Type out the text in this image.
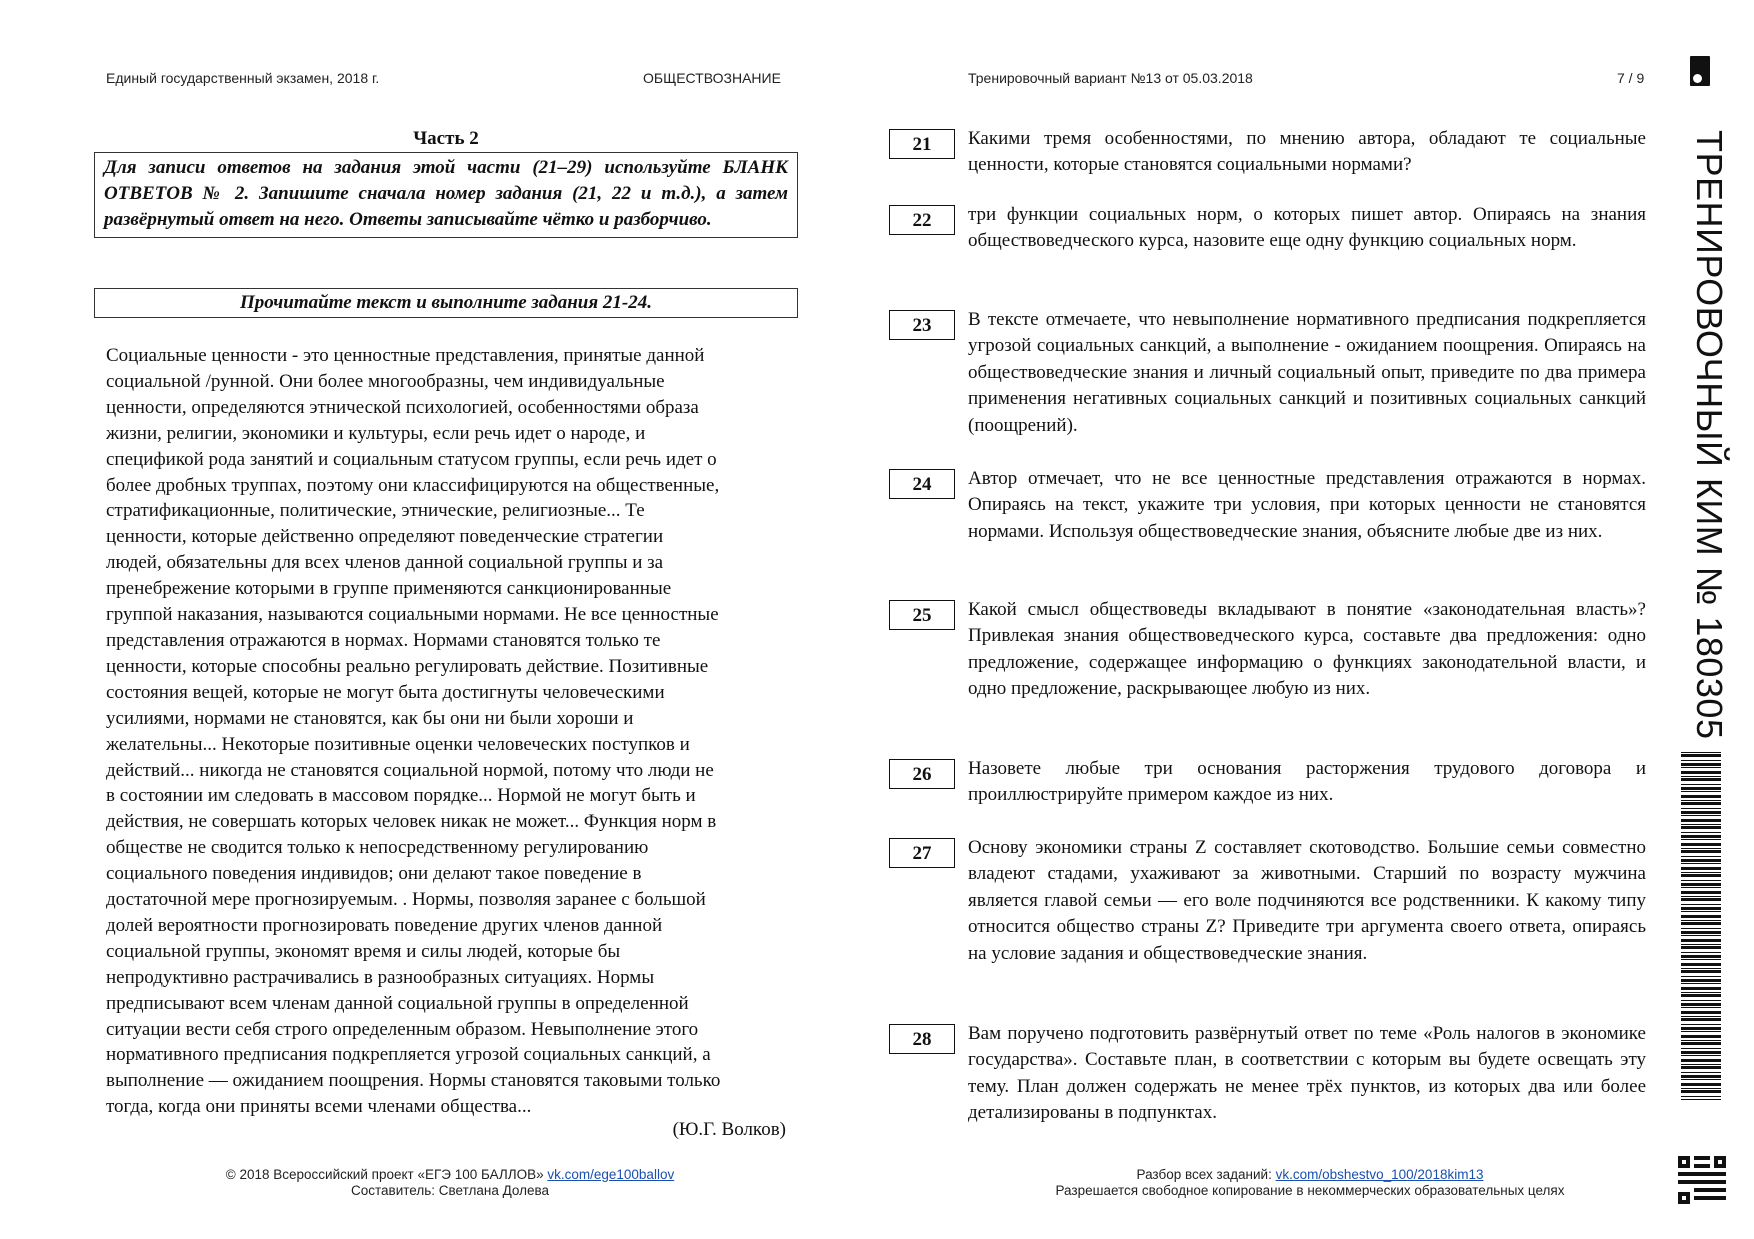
Единый государственный экзамен, 2018 г.	ОБЩЕСТВОЗНАНИЕ	Тренировочный вариант №13 от 05.03.2018	7 / 9
Часть 2
Для записи ответов на задания этой части (21–29) используйте БЛАНК ОТВЕТОВ № 2. Запишите сначала номер задания (21, 22 и т.д.), а затем развёрнутый ответ на него. Ответы записывайте чётко и разборчиво.
Прочитайте текст и выполните задания 21-24.
Социальные ценности - это ценностные представления, принятые данной
социальной /рунной. Они более многообразны, чем индивидуальные
ценности, определяются этнической психологией, особенностями образа
жизни, религии, экономики и культуры, если речь идет о народе, и
спецификой рода занятий и социальным статусом группы, если речь идет о
более дробных труппах, поэтому они классифицируются на общественные,
стратификационные, политические, этнические, религиозные... Те
ценности, которые действенно определяют поведенческие стратегии
людей, обязательны для всех членов данной социальной группы и за
пренебрежение которыми в группе применяются санкционированные
группой наказания, называются социальными нормами. Не все ценностные
представления отражаются в нормах. Нормами становятся только те
ценности, которые способны реально регулировать действие. Позитивные
состояния вещей, которые не могут быта достигнуты человеческими
усилиями, нормами не становятся, как бы они ни были хороши и
желательны... Некоторые позитивные оценки человеческих поступков и
действий... никогда не становятся социальной нормой, потому что люди не
в состоянии им следовать в массовом порядке... Нормой не могут быть и
действия, не совершать которых человек никак не может... Функция норм в
обществе не сводится только к непосредственному регулированию
социального поведения индивидов; они делают такое поведение в
достаточной мере прогнозируемым. . Нормы, позволяя заранее с большой
долей вероятности прогнозировать поведение других членов данной
социальной группы, экономят время и силы людей, которые бы
непродуктивно растрачивались в разнообразных ситуациях. Нормы
предписывают всем членам данной социальной группы в определенной
ситуации вести себя строго определенным образом. Невыполнение этого
нормативного предписания подкрепляется угрозой социальных санкций, а
выполнение — ожиданием поощрения. Нормы становятся таковыми только
тогда, когда они приняты всеми членами общества...
(Ю.Г. Волков)
21	Какими тремя особенностями, по мнению автора, обладают те социальные ценности, которые становятся социальными нормами?
22	три функции социальных норм, о которых пишет автор. Опираясь на знания обществоведческого курса, назовите еще одну функцию социальных норм.
23	В тексте отмечаете, что невыполнение нормативного предписания подкрепляется угрозой социальных санкций, а выполнение - ожиданием поощрения. Опираясь на обществоведческие знания и личный социальный опыт, приведите по два примера применения негативных социальных санкций и позитивных социальных санкций (поощрений).
24	Автор отмечает, что не все ценностные представления отражаются в нормах. Опираясь на текст, укажите три условия, при которых ценности не становятся нормами. Используя обществоведческие знания, объясните любые две из них.
25	Какой смысл обществоведы вкладывают в понятие «законодательная власть»? Привлекая знания обществоведческого курса, составьте два предложения: одно предложение, содержащее информацию о функциях законодательной власти, и одно предложение, раскрывающее любую из них.
26	Назовете любые три основания расторжения трудового договора и проиллюстрируйте примером каждое из них.
27	Основу экономики страны Z составляет скотоводство. Большие семьи совместно владеют стадами, ухаживают за животными. Старший по возрасту мужчина является главой семьи — его воле подчиняются все родственники. К какому типу относится общество страны Z? Приведите три аргумента своего ответа, опираясь на условие задания и обществоведческие знания.
28	Вам поручено подготовить развёрнутый ответ по теме «Роль налогов в экономике государства». Составьте план, в соответствии с которым вы будете освещать эту тему. План должен содержать не менее трёх пунктов, из которых два или более детализированы в подпунктах.
© 2018 Всероссийский проект «ЕГЭ 100 БАЛЛОВ» vk.com/ege100ballov
Составитель: Светлана Долева
Разбор всех заданий: vk.com/obshestvo_100/2018kim13
Разрешается свободное копирование в некоммерческих образовательных целях
ТРЕНИРОВОЧНЫЙ КИМ № 180305
